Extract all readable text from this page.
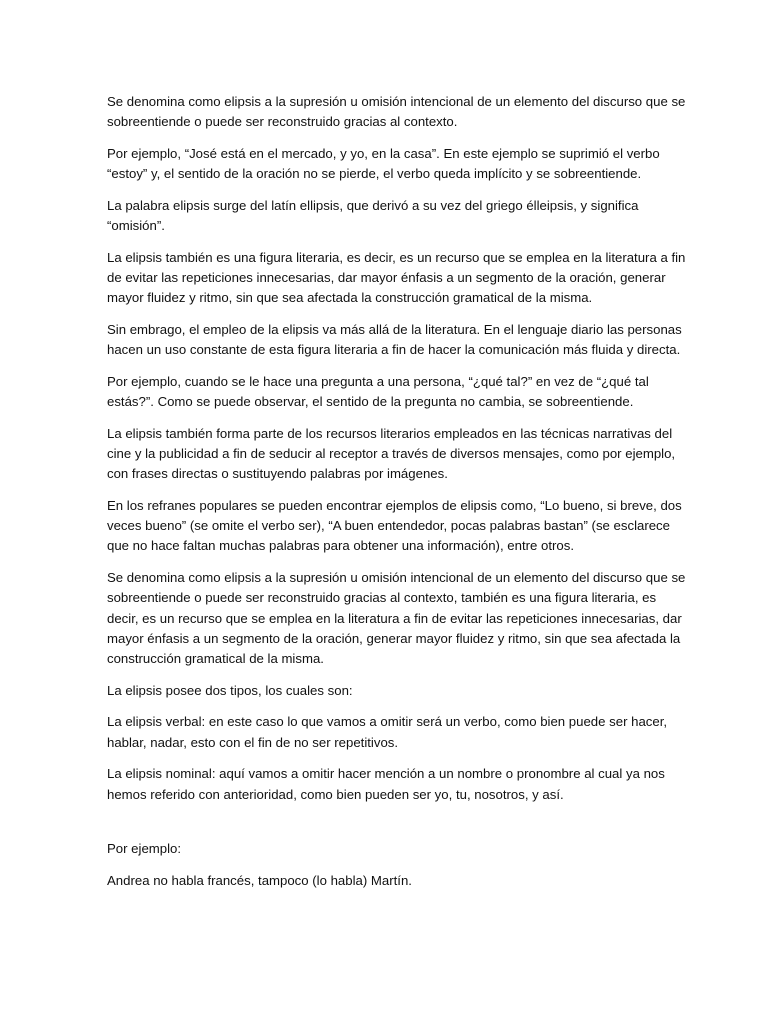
Se denomina como elipsis a la supresión u omisión intencional de un elemento del discurso que se
sobreentiende o puede ser reconstruido gracias al contexto.

Por ejemplo, “José está en el mercado, y yo, en la casa”. En este ejemplo se suprimió el verbo
“estoy” y, el sentido de la oración no se pierde, el verbo queda implícito y se sobreentiende.

La palabra elipsis surge del latín ellipsis, que derivó a su vez del griego élleipsis, y significa
“omisión”.

La elipsis también es una figura literaria, es decir, es un recurso que se emplea en la literatura a fin
de evitar las repeticiones innecesarias, dar mayor énfasis a un segmento de la oración, generar
mayor fluidez y ritmo, sin que sea afectada la construcción gramatical de la misma.

Sin embrago, el empleo de la elipsis va más allá de la literatura. En el lenguaje diario las personas
hacen un uso constante de esta figura literaria a fin de hacer la comunicación más fluida y directa.

Por ejemplo, cuando se le hace una pregunta a una persona, “¿qué tal?” en vez de “¿qué tal
estás?”. Como se puede observar, el sentido de la pregunta no cambia, se sobreentiende.

La elipsis también forma parte de los recursos literarios empleados en las técnicas narrativas del
cine y la publicidad a fin de seducir al receptor a través de diversos mensajes, como por ejemplo,
con frases directas o sustituyendo palabras por imágenes.

En los refranes populares se pueden encontrar ejemplos de elipsis como, “Lo bueno, si breve, dos
veces bueno” (se omite el verbo ser), “A buen entendedor, pocas palabras bastan” (se esclarece
que no hace faltan muchas palabras para obtener una información), entre otros.

Se denomina como elipsis a la supresión u omisión intencional de un elemento del discurso que se
sobreentiende o puede ser reconstruido gracias al contexto, también es una figura literaria, es
decir, es un recurso que se emplea en la literatura a fin de evitar las repeticiones innecesarias, dar
mayor énfasis a un segmento de la oración, generar mayor fluidez y ritmo, sin que sea afectada la
construcción gramatical de la misma.

La elipsis posee dos tipos, los cuales son:

La elipsis verbal: en este caso lo que vamos a omitir será un verbo, como bien puede ser hacer,
hablar, nadar, esto con el fin de no ser repetitivos.

La elipsis nominal: aquí vamos a omitir hacer mención a un nombre o pronombre al cual ya nos
hemos referido con anterioridad, como bien pueden ser yo, tu, nosotros, y así.

Por ejemplo:

Andrea no habla francés, tampoco (lo habla) Martín.
